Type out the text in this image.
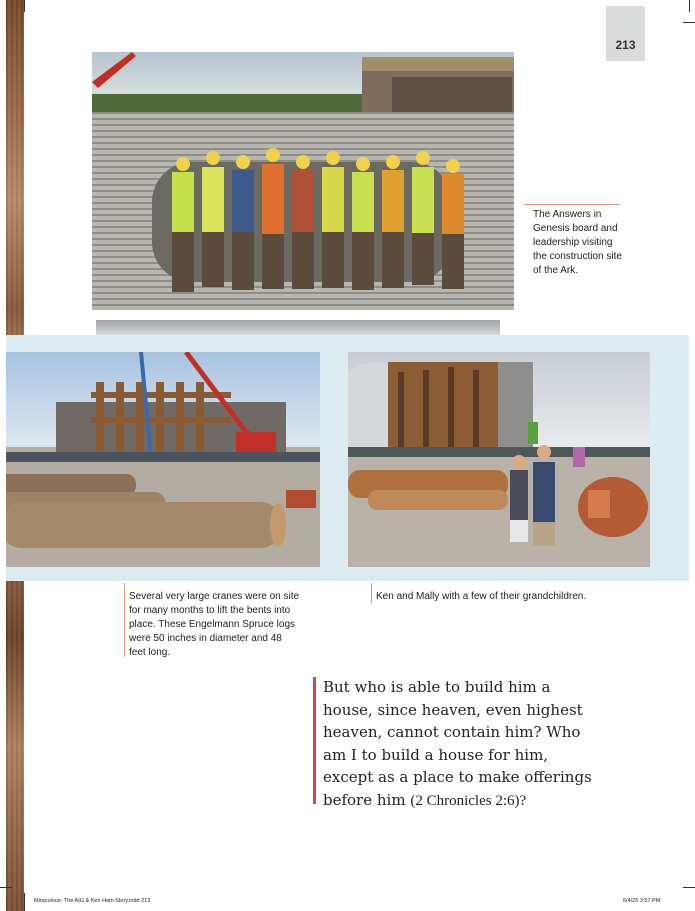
213
The Answers in Genesis board and leadership visiting the construction site of the Ark.
Several very large cranes were on site for many months to lift the bents into place. These Engelmann Spruce logs were 50 inches in diameter and 48 feet long.
Ken and Mally with a few of their grandchildren.
But who is able to build him a house, since heaven, even highest heaven, cannot contain him? Who am I to build a house for him, except as a place to make offerings before him (2 Chronicles 2:6)?
Miraculous- The AIG & Ken Ham Story.indd 213	6/4/25 3:57 PM
